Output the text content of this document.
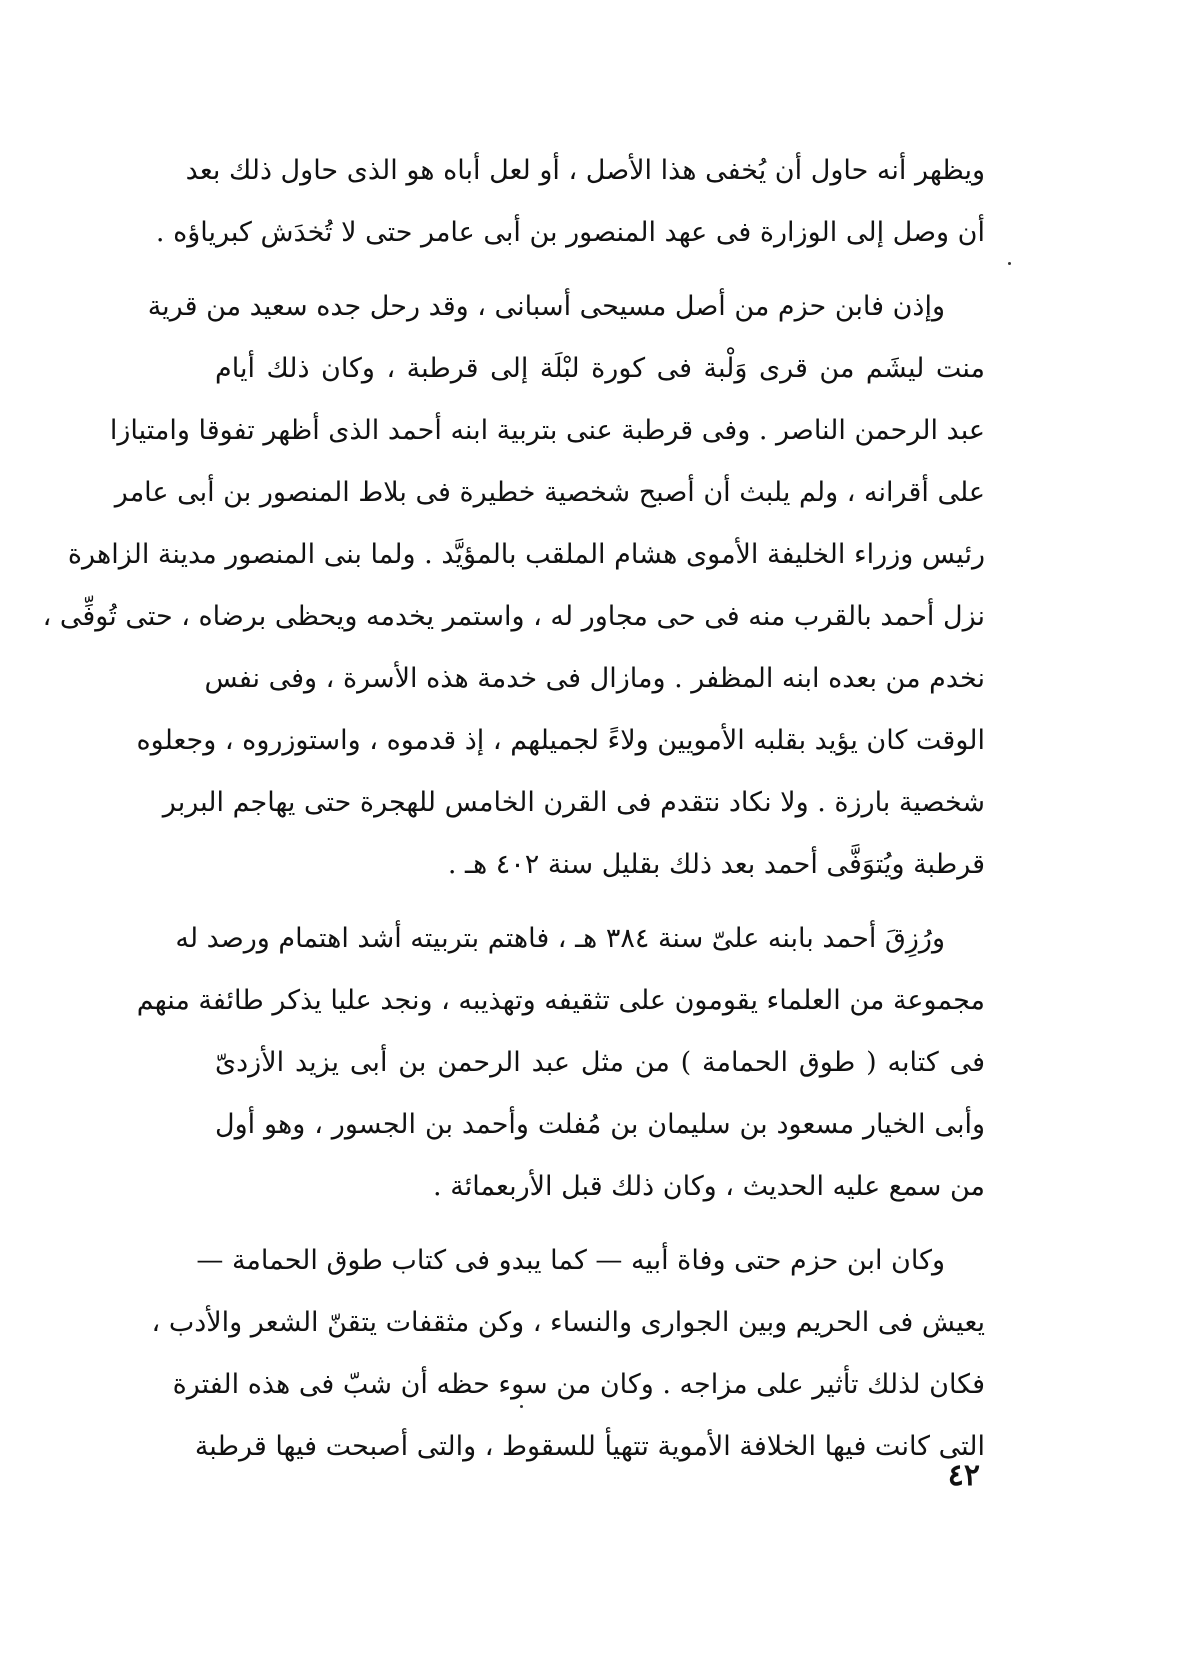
ويظهر أنه حاول أن يُخفى هذا الأصل ، أو لعل أباه هو الذى حاول ذلك بعد
أن وصل إلى الوزارة فى عهد المنصور بن أبى عامر حتى لا تُخدَش كبرياؤه .
وإذن فابن حزم من أصل مسيحى أسبانى ، وقد رحل جده سعيد من قرية
منت ليشَم من قرى وَلْبة فى كورة لبْلَة إلى قرطبة ، وكان ذلك أيام
عبد الرحمن الناصر . وفى قرطبة عنى بتربية ابنه أحمد الذى أظهر تفوقا وامتيازا
على أقرانه ، ولم يلبث أن أصبح شخصية خطيرة فى بلاط المنصور بن أبى عامر
رئيس وزراء الخليفة الأموى هشام الملقب بالمؤيَّد . ولما بنى المنصور مدينة الزاهرة
نزل أحمد بالقرب منه فى حى مجاور له ، واستمر يخدمه ويحظى برضاه ، حتى تُوفِّى ،
نخدم من بعده ابنه المظفر . ومازال فى خدمة هذه الأسرة ، وفى نفس
الوقت كان يؤيد بقلبه الأمويين ولاءً لجميلهم ، إذ قدموه ، واستوزروه ، وجعلوه
شخصية بارزة . ولا نكاد نتقدم فى القرن الخامس للهجرة حتى يهاجم البربر
قرطبة ويُتوَفَّى أحمد بعد ذلك بقليل سنة ٤٠٢ هـ .
ورُزِقَ أحمد بابنه علىّ سنة ٣٨٤ هـ ، فاهتم بتربيته أشد اهتمام ورصد له
مجموعة من العلماء يقومون على تثقيفه وتهذيبه ، ونجد عليا يذكر طائفة منهم
فى كتابه ( طوق الحمامة ) من مثل عبد الرحمن بن أبى يزيد الأزدىّ
وأبى الخيار مسعود بن سليمان بن مُفلت وأحمد بن الجسور ، وهو أول
من سمع عليه الحديث ، وكان ذلك قبل الأربعمائة .
وكان ابن حزم حتى وفاة أبيه — كما يبدو فى كتاب طوق الحمامة —
يعيش فى الحريم وبين الجوارى والنساء ، وكن مثقفات يتقنّ الشعر والأدب ،
فكان لذلك تأثير على مزاجه . وكان من سوء حظه أن شبّ فى هذه الفترة
التى كانت فيها الخلافة الأموية تتهيأ للسقوط ، والتى أصبحت فيها قرطبة
٤٢
